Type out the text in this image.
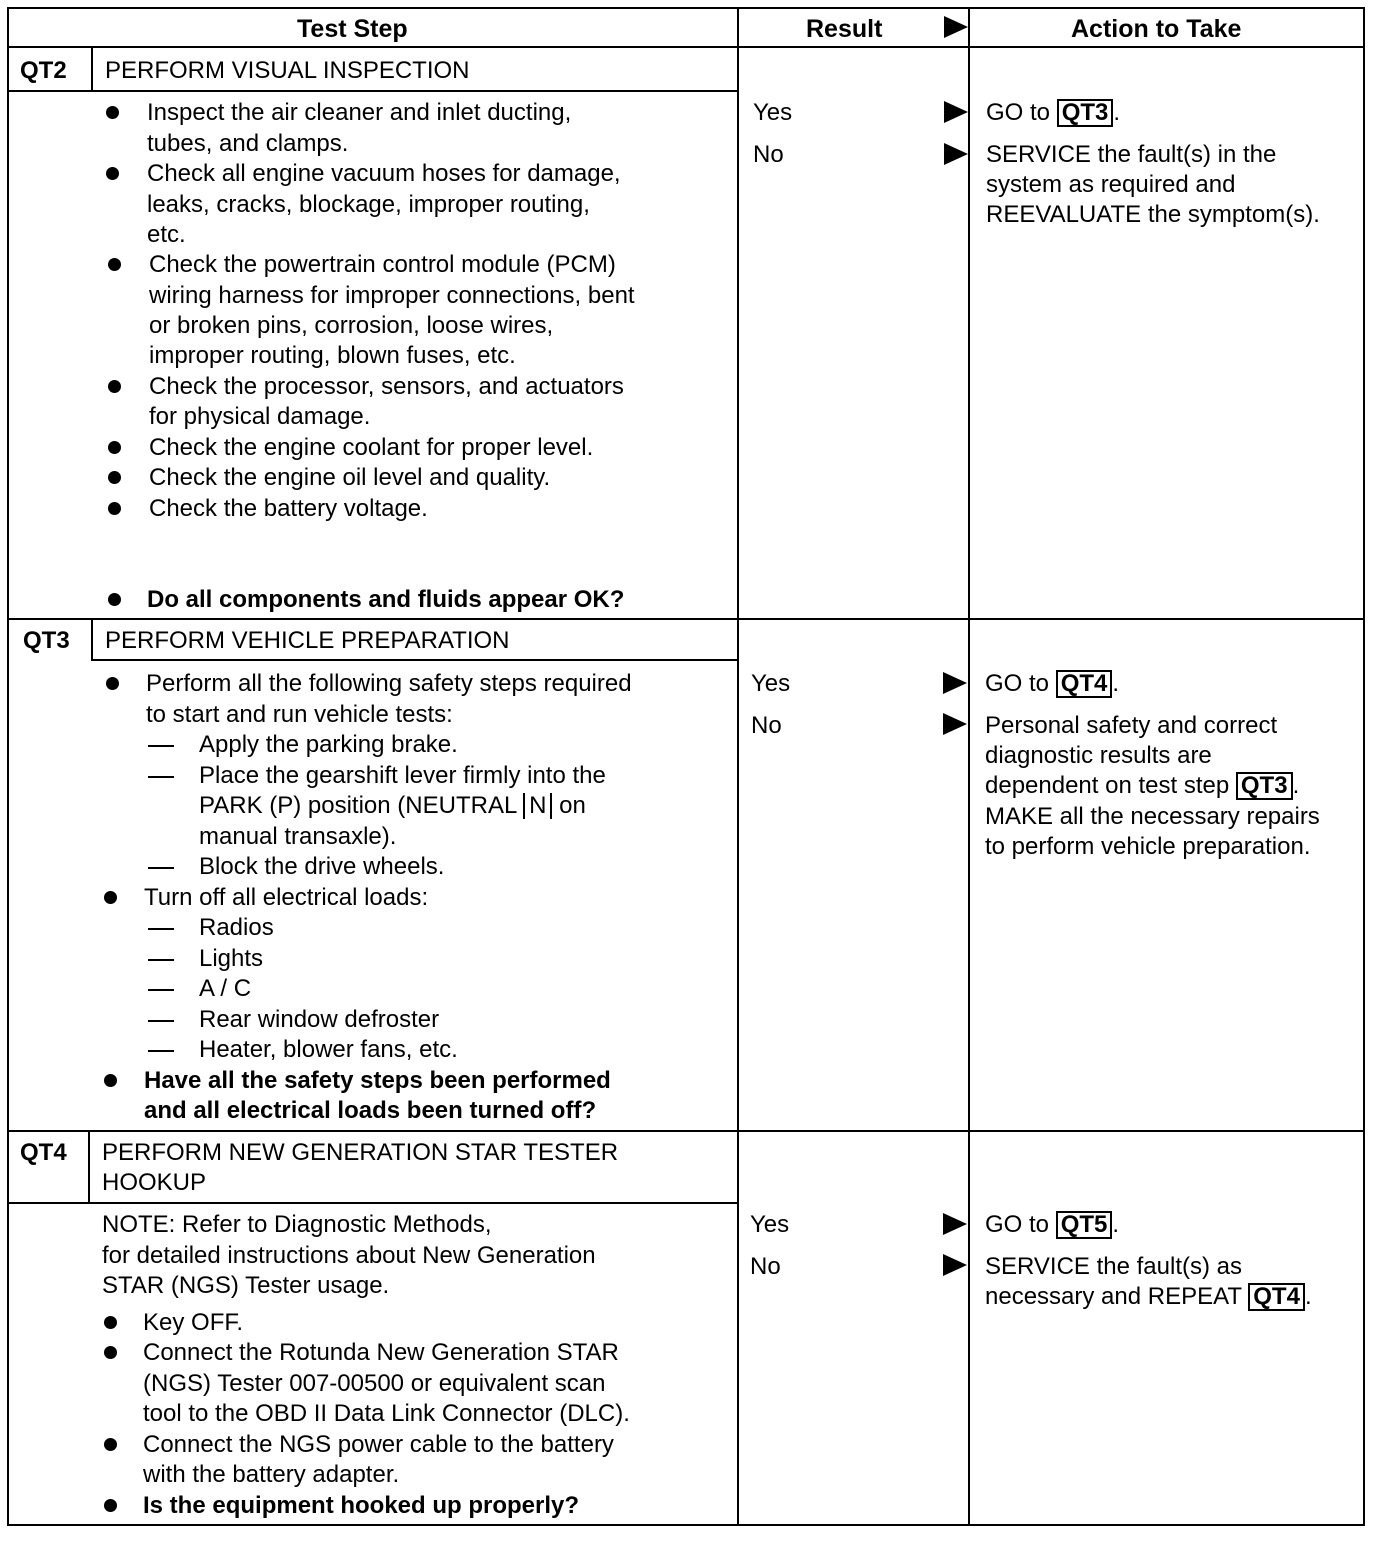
Test Step	Result	Action to Take
QT2 PERFORM VISUAL INSPECTION
Inspect the air cleaner and inlet ducting,
tubes, and clamps.
Check all engine vacuum hoses for damage,
leaks, cracks, blockage, improper routing,
etc.
Check the powertrain control module (PCM)
wiring harness for improper connections, bent
or broken pins, corrosion, loose wires,
improper routing, blown fuses, etc.
Check the processor, sensors, and actuators
for physical damage.
Check the engine coolant for proper level.
Check the engine oil level and quality.
Check the battery voltage.
Do all components and fluids appear OK?
Yes
No
GO to QT3 .
SERVICE the fault(s) in the
system as required and
REEVALUATE the symptom(s).
QT3 PERFORM VEHICLE PREPARATION
Perform all the following safety steps required
to start and run vehicle tests:
Apply the parking brake.
Place the gearshift lever firmly into the
PARK (P) position (NEUTRAL N on
manual transaxle).
Block the drive wheels.
Turn off all electrical loads:
Radios
Lights
A / C
Rear window defroster
Heater, blower fans, etc.
Have all the safety steps been performed
and all electrical loads been turned off?
Yes
No
GO to QT4 .
Personal safety and correct
diagnostic results are
dependent on test step QT3 .
MAKE all the necessary repairs
to perform vehicle preparation.
QT4 PERFORM NEW GENERATION STAR TESTER
HOOKUP
NOTE: Refer to Diagnostic Methods,
for detailed instructions about New Generation
STAR (NGS) Tester usage.
Key OFF.
Connect the Rotunda New Generation STAR
(NGS) Tester 007-00500 or equivalent scan
tool to the OBD II Data Link Connector (DLC).
Connect the NGS power cable to the battery
with the battery adapter.
Is the equipment hooked up properly?
Yes
No
GO to QT5 .
SERVICE the fault(s) as
necessary and REPEAT QT4 .
